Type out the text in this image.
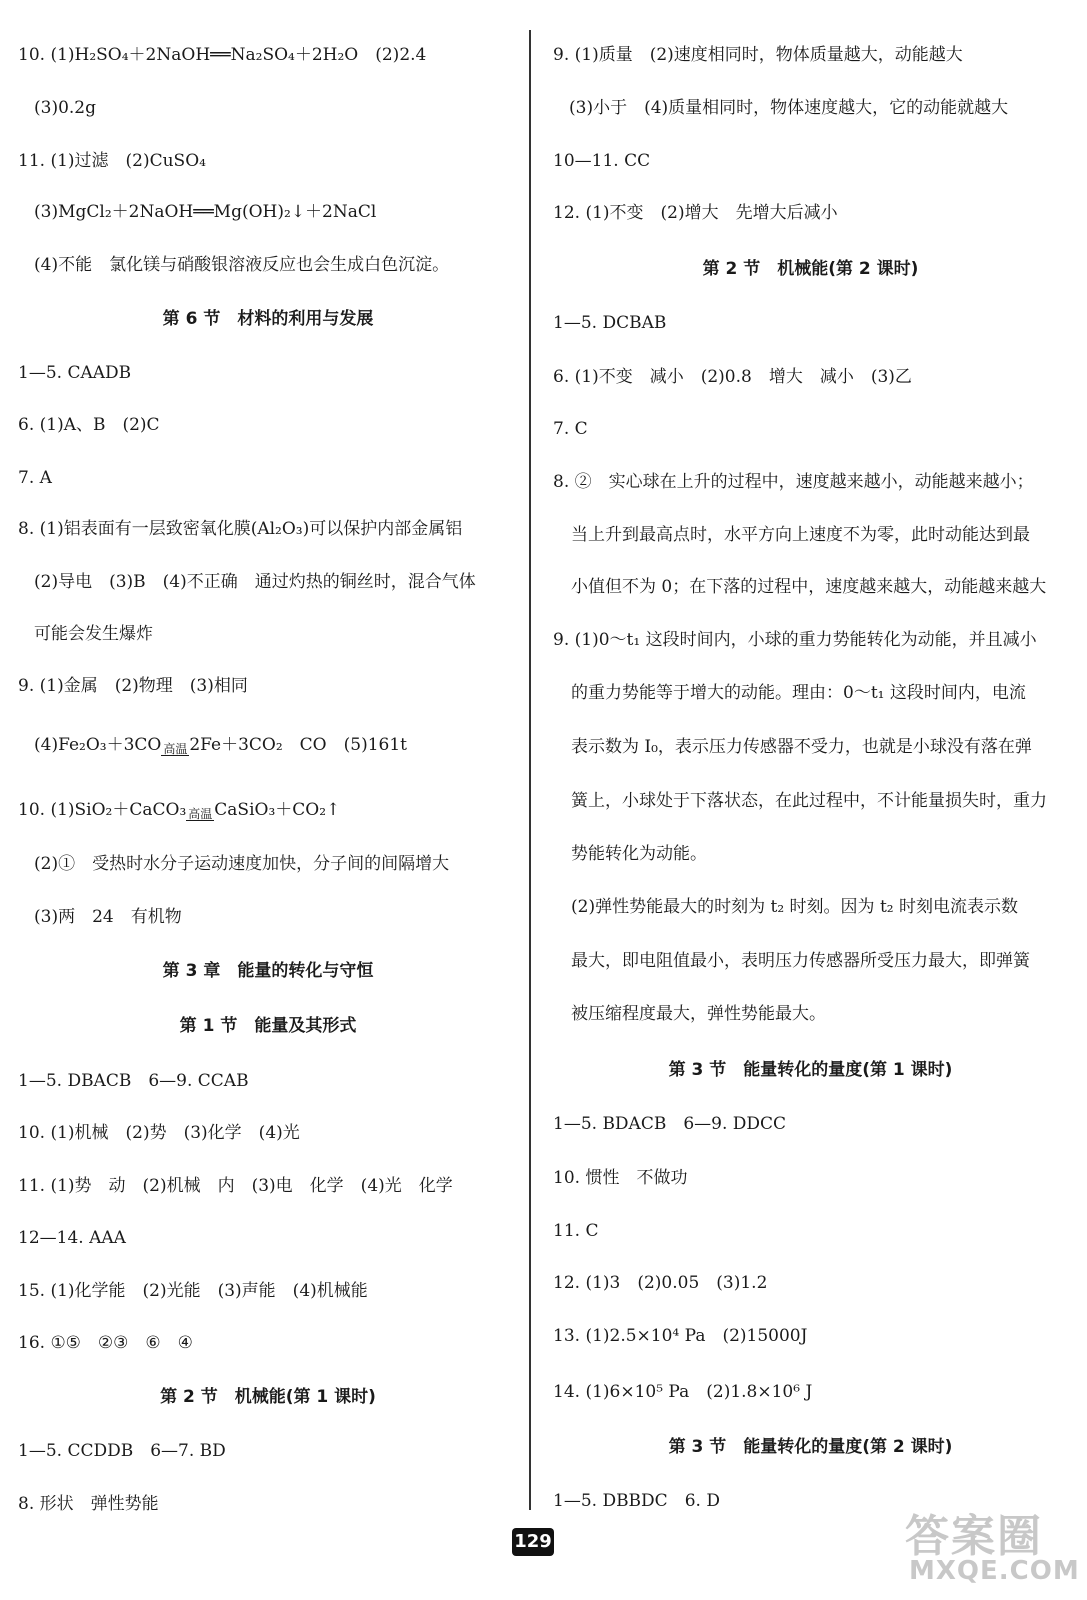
10. (1)H₂SO₄＋2NaOH══Na₂SO₄＋2H₂O　(2)2.4
(3)0.2g
11. (1)过滤　(2)CuSO₄
(3)MgCl₂＋2NaOH══Mg(OH)₂↓＋2NaCl
(4)不能　氯化镁与硝酸银溶液反应也会生成白色沉淀。
第 6 节　材料的利用与发展
1—5. CAADB
6. (1)A、B　(2)C
7. A
8. (1)铝表面有一层致密氧化膜(Al₂O₃)可以保护内部金属铝
(2)导电　(3)B　(4)不正确　通过灼热的铜丝时，混合气体
可能会发生爆炸
9. (1)金属　(2)物理　(3)相同
(4)Fe₂O₃＋3CO 高温 2Fe＋3CO₂　CO　(5)161t
10. (1)SiO₂＋CaCO₃ 高温 CaSiO₃＋CO₂↑
(2)①　受热时水分子运动速度加快，分子间的间隔增大
(3)两　24　有机物
第 3 章　能量的转化与守恒
第 1 节　能量及其形式
1—5. DBACB　6—9. CCAB
10. (1)机械　(2)势　(3)化学　(4)光
11. (1)势　动　(2)机械　内　(3)电　化学　(4)光　化学
12—14. AAA
15. (1)化学能　(2)光能　(3)声能　(4)机械能
16. ①⑤　②③　⑥　④
第 2 节　机械能(第 1 课时)
1—5. CCDDB　6—7. BD
8. 形状　弹性势能
9. (1)质量　(2)速度相同时，物体质量越大，动能越大
(3)小于　(4)质量相同时，物体速度越大，它的动能就越大
10—11. CC
12. (1)不变　(2)增大　先增大后减小
第 2 节　机械能(第 2 课时)
1—5. DCBAB
6. (1)不变　减小　(2)0.8　增大　减小　(3)乙
7. C
8. ②　实心球在上升的过程中，速度越来越小，动能越来越小；
当上升到最高点时，水平方向上速度不为零，此时动能达到最
小值但不为 0；在下落的过程中，速度越来越大，动能越来越大
9. (1)0～t₁ 这段时间内，小球的重力势能转化为动能，并且减小
的重力势能等于增大的动能。理由：0～t₁ 这段时间内，电流
表示数为 I₀，表示压力传感器不受力，也就是小球没有落在弹
簧上，小球处于下落状态，在此过程中，不计能量损失时，重力
势能转化为动能。
(2)弹性势能最大的时刻为 t₂ 时刻。因为 t₂ 时刻电流表示数
最大，即电阻值最小，表明压力传感器所受压力最大，即弹簧
被压缩程度最大，弹性势能最大。
第 3 节　能量转化的量度(第 1 课时)
1—5. BDACB　6—9. DDCC
10. 惯性　不做功
11. C
12. (1)3　(2)0.05　(3)1.2
13. (1)2.5×10⁴ Pa　(2)15000J
14. (1)6×10⁵ Pa　(2)1.8×10⁶ J
第 3 节　能量转化的量度(第 2 课时)
1—5. DBBDC　6. D
129	答案圈
MXQE.COM
